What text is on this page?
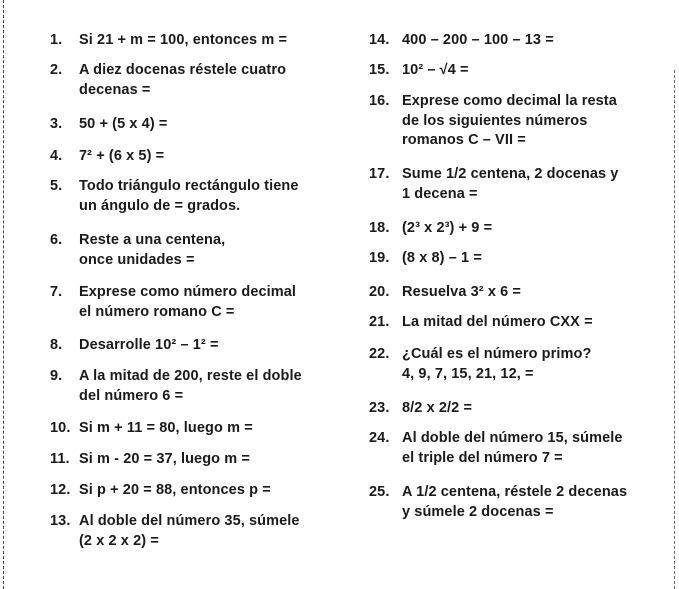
1. Si 21 + m = 100, entonces m =
2. A diez docenas réstele cuatro
decenas =
3. 50 + (5 x 4) =
4. 7² + (6 x 5) =
5. Todo triángulo rectángulo tiene
un ángulo de = grados.
6. Reste a una centena,
once unidades =
7. Exprese como número decimal
el número romano C =
8. Desarrolle 10² – 1² =
9. A la mitad de 200, reste el doble
del número 6 =
10. Si m + 11 = 80, luego m =
11. Si m - 20 = 37, luego m =
12. Si p + 20 = 88, entonces p =
13. Al doble del número 35, súmele
(2 x 2 x 2) =
14. 400 – 200 – 100 – 13 =
15. 10² – √4 =
16. Exprese como decimal la resta
de los siguientes números
romanos C – VII =
17. Sume 1/2 centena, 2 docenas y
1 decena =
18. (2³ x 2³) + 9 =
19. (8 x 8) – 1 =
20. Resuelva 3² x 6 =
21. La mitad del número CXX =
22. ¿Cuál es el número primo?
4, 9, 7, 15, 21, 12, =
23. 8/2 x 2/2 =
24. Al doble del número 15, súmele
el triple del número 7 =
25. A 1/2 centena, réstele 2 decenas
y súmele 2 docenas =
